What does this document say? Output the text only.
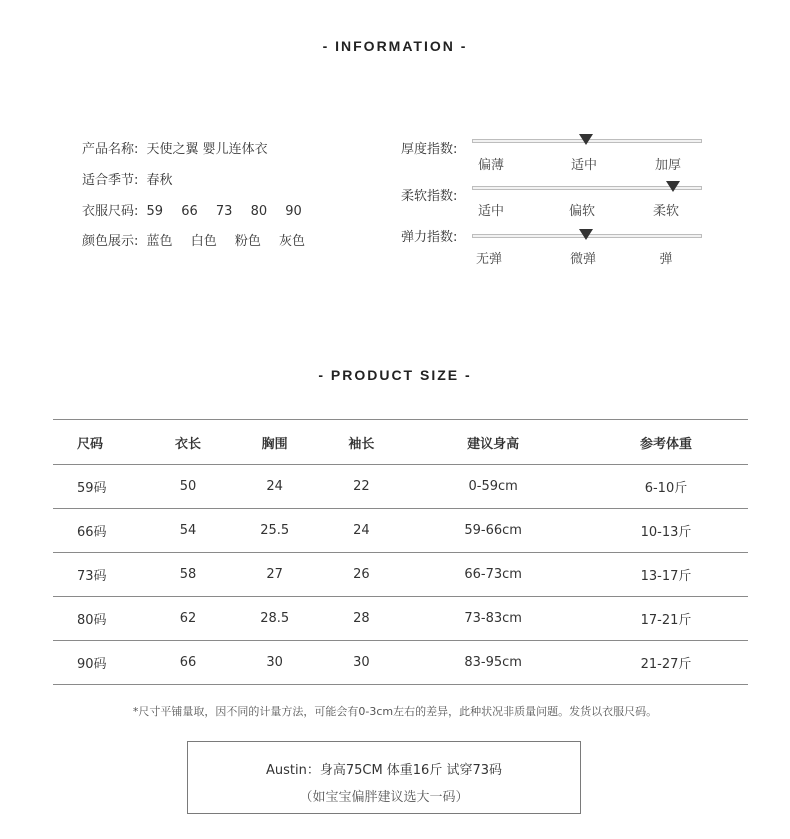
- INFORMATION -
产品名称: 天使之翼 婴儿连体衣
适合季节: 春秋
衣服尺码: 59 66 73 80 90
颜色展示: 蓝色 白色 粉色 灰色
厚度指数:
偏薄	适中	加厚
柔软指数:
适中	偏软	柔软
弹力指数:
无弹	微弹	弹
- PRODUCT SIZE -
尺码	衣长	胸围	袖长	建议身高	参考体重
59码	50	24	22	0-59cm	6-10斤
66码	54	25.5	24	59-66cm	10-13斤
73码	58	27	26	66-73cm	13-17斤
80码	62	28.5	28	73-83cm	17-21斤
90码	66	30	30	83-95cm	21-27斤
*尺寸平铺量取，因不同的计量方法，可能会有0-3cm左右的差异，此种状况非质量问题。发货以衣服尺码。
Austin：身高75CM 体重16斤 试穿73码
（如宝宝偏胖建议选大一码）
